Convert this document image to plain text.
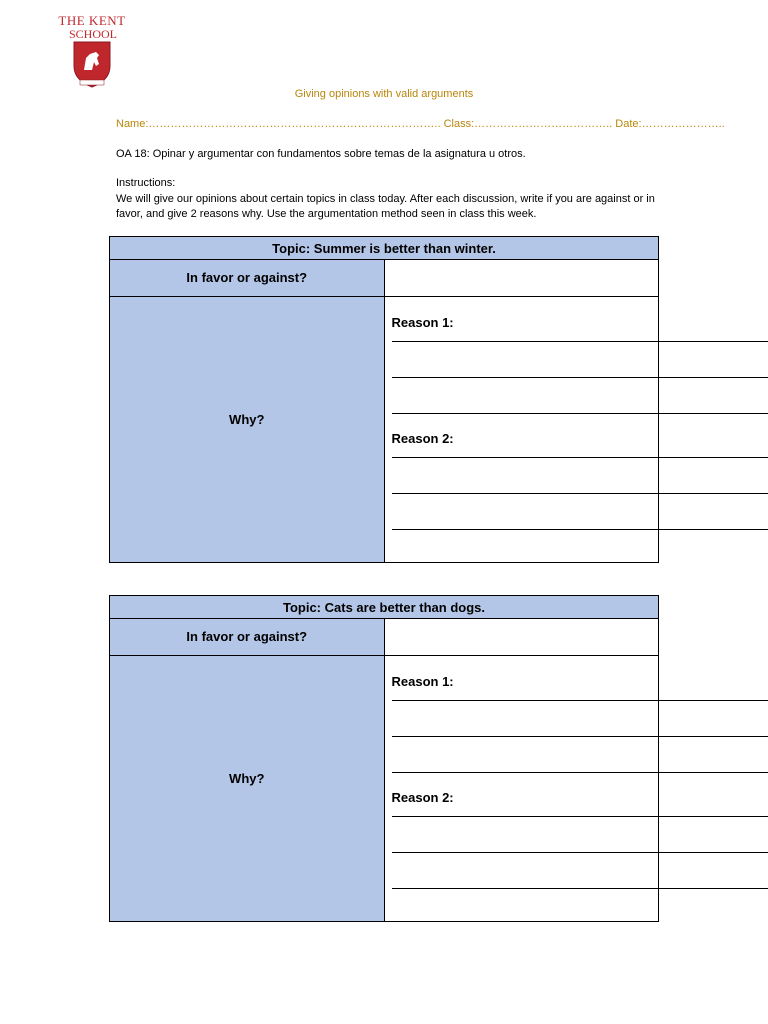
THE KENT
SCHOOL
Giving opinions with valid arguments
Name:…………………………………………………………………….. Class:……………………………….. Date:…………………..
OA 18: Opinar y argumentar con fundamentos sobre temas de la asignatura u otros.
Instructions:
We will give our opinions about certain topics in class today. After each discussion, write if you are against or in favor, and give 2 reasons why. Use the argumentation method seen in class this week.
Topic: Summer is better than winter.	
In favor or against?	
Why?	Reason 1:
Reason 2:
Topic: Cats are better than dogs.	
In favor or against?	
Why?	Reason 1:
Reason 2:
